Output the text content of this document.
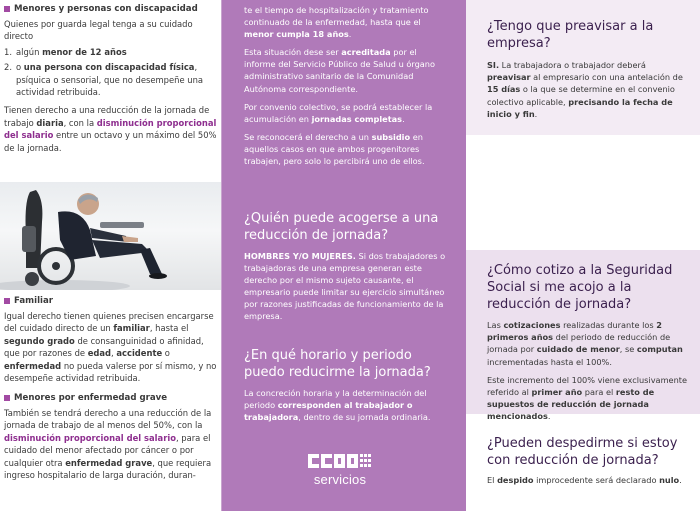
Menores y personas con discapacidad
Quienes por guarda legal tenga a su cuidado directo
1. algún menor de 12 años
2. o una persona con discapacidad física, psíquica o sensorial, que no desempeñe una actividad retribuida.
Tienen derecho a una reducción de la jornada de trabajo diaria, con la disminución proporcional del salario entre un octavo y un máximo del 50% de la jornada.
Familiar
Igual derecho tienen quienes precisen encargarse del cuidado directo de un familiar, hasta el segundo grado de consanguinidad o afinidad, que por razones de edad, accidente o enfermedad no pueda valerse por sí mismo, y no desempeñe actividad retribuida.
Menores por enfermedad grave
También se tendrá derecho a una reducción de la jornada de trabajo de al menos del 50%, con la disminución proporcional del salario, para el cuidado del menor afectado por cáncer o por cualquier otra enfermedad grave, que requiera ingreso hospitalario de larga duración, duran-
te el tiempo de hospitalización y tratamiento continuado de la enfermedad, hasta que el menor cumpla 18 años.
Esta situación dese ser acreditada por el informe del Servicio Público de Salud u órgano administrativo sanitario de la Comunidad Autónoma correspondiente.
Por convenio colectivo, se podrá establecer la acumulación en jornadas completas.
Se reconocerá el derecho a un subsidio en aquellos casos en que ambos progenitores trabajen, pero solo lo percibirá uno de ellos.
¿Quién puede acogerse a una reducción de jornada?
HOMBRES Y/O MUJERES. Si dos trabajadores o trabajadoras de una empresa generan este derecho por el mismo sujeto causante, el empresario puede limitar su ejercicio simultáneo por razones justificadas de funcionamiento de la empresa.
¿En qué horario y periodo puedo reducirme la jornada?
La concreción horaria y la determinación del periodo corresponden al trabajador o trabajadora, dentro de su jornada ordinaria.
servicios
¿Tengo que preavisar a la empresa?
SI. La trabajadora o trabajador deberá preavisar al empresario con una antelación de 15 días o la que se determine en el convenio colectivo aplicable, precisando la fecha de inicio y fin.
¿Cómo cotizo a la Seguridad Social si me acojo a la reducción de jornada?
Las cotizaciones realizadas durante los 2 primeros años del periodo de reducción de jornada por cuidado de menor, se computan incrementadas hasta el 100%.
Este incremento del 100% viene exclusivamente referido al primer año para el resto de supuestos de reducción de jornada mencionados.
¿Pueden despedirme si estoy con reducción de jornada?
El despido improcedente será declarado nulo.
